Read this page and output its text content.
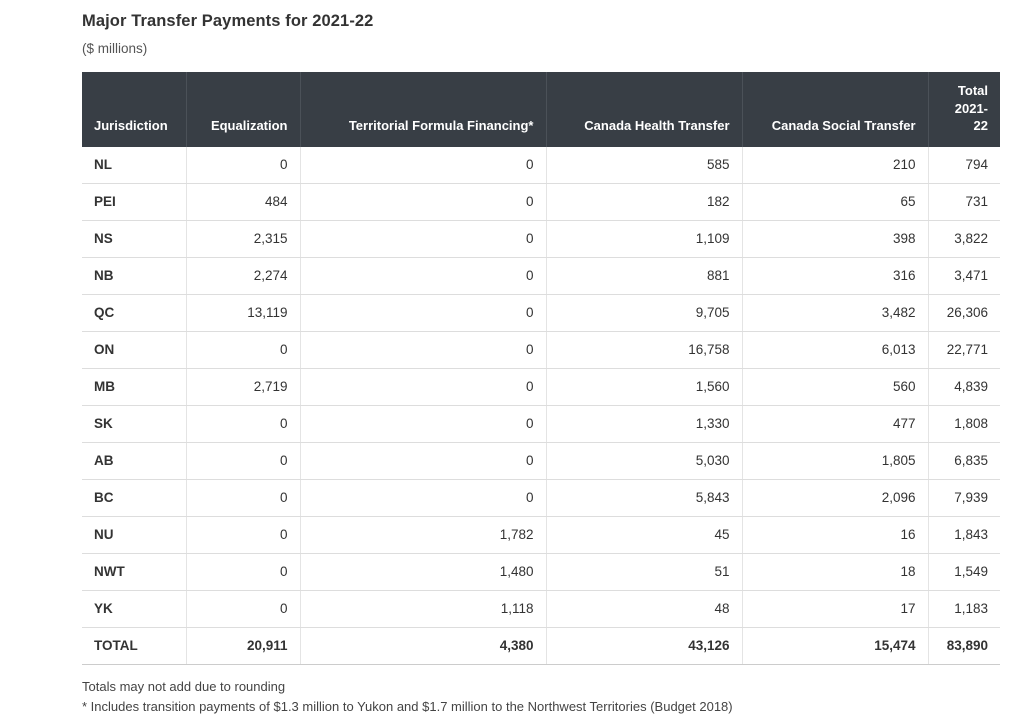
Major Transfer Payments for 2021-22
($ millions)
Jurisdiction	Equalization	Territorial Formula Financing*	Canada Health Transfer	Canada Social Transfer	Total 2021-22
NL	0	0	585	210	794
PEI	484	0	182	65	731
NS	2,315	0	1,109	398	3,822
NB	2,274	0	881	316	3,471
QC	13,119	0	9,705	3,482	26,306
ON	0	0	16,758	6,013	22,771
MB	2,719	0	1,560	560	4,839
SK	0	0	1,330	477	1,808
AB	0	0	5,030	1,805	6,835
BC	0	0	5,843	2,096	7,939
NU	0	1,782	45	16	1,843
NWT	0	1,480	51	18	1,549
YK	0	1,118	48	17	1,183
TOTAL	20,911	4,380	43,126	15,474	83,890
Totals may not add due to rounding
* Includes transition payments of $1.3 million to Yukon and $1.7 million to the Northwest Territories (Budget 2018)
